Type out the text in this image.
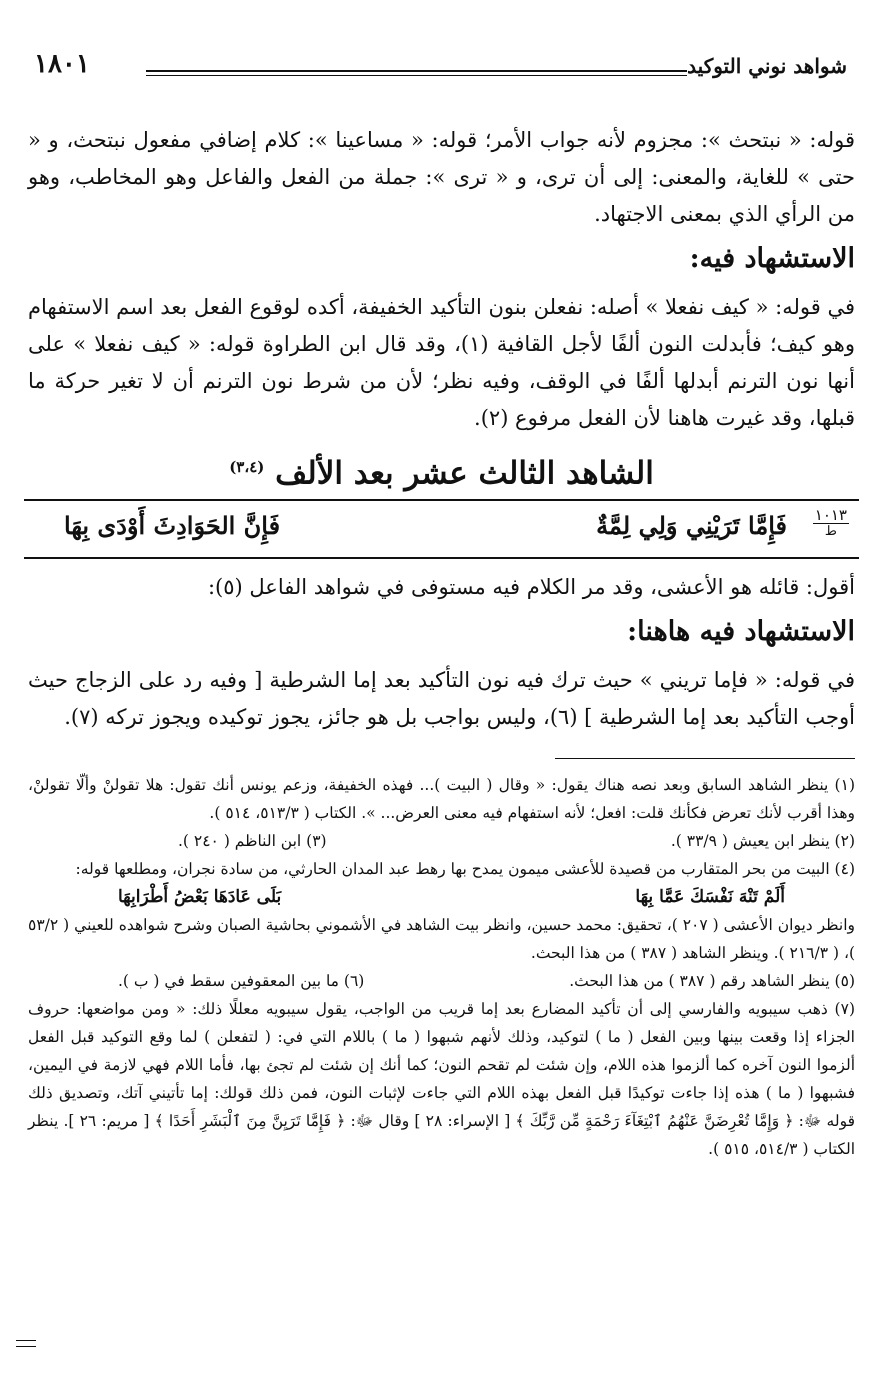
شواهد نوني التوكيد
١٨٠١

قوله: « نبتحث »: مجزوم لأنه جواب الأمر؛ قوله: « مساعينا »: كلام إضافي مفعول نبتحث، و « حتى » للغاية، والمعنى: إلى أن ترى، و « ترى »: جملة من الفعل والفاعل وهو المخاطب، وهو من الرأي الذي بمعنى الاجتهاد.

الاستشهاد فيه:

في قوله: « كيف نفعلا » أصله: نفعلن بنون التأكيد الخفيفة، أكده لوقوع الفعل بعد اسم الاستفهام وهو كيف؛ فأبدلت النون ألفًا لأجل القافية (١)، وقد قال ابن الطراوة قوله: « كيف نفعلا » على أنها نون الترنم أبدلها ألفًا في الوقف، وفيه نظر؛ لأن من شرط نون الترنم أن لا تغير حركة ما قبلها، وقد غيرت هاهنا لأن الفعل مرفوع (٢).

الشاهد الثالث عشر بعد الألف $^{(٣،٤)}$
١٠١٣
ط
فَإِمَّا تَرَيْنِي وَلِي لِمَّةٌ
فَإِنَّ الحَوَادِثَ أَوْدَى بِهَا

أقول: قائله هو الأعشى، وقد مر الكلام فيه مستوفى في شواهد الفاعل (٥):

الاستشهاد فيه هاهنا:

في قوله: « فإما تريني » حيث ترك فيه نون التأكيد بعد إما الشرطية [ وفيه رد على الزجاج حيث أوجب التأكيد بعد إما الشرطية ] (٦)، وليس بواجب بل هو جائز، يجوز توكيده ويجوز تركه (٧).

(١) ينظر الشاهد السابق وبعد نصه هناك يقول: « وقال ( البيت )... فهذه الخفيفة، وزعم يونس أنك تقول: هلا تقولنْ وألّا تقولنْ، وهذا أقرب لأنك تعرض فكأنك قلت: افعل؛ لأنه استفهام فيه معنى العرض... ». الكتاب ( ٥١٣/٣، ٥١٤ ).

(٢) ينظر ابن يعيش ( ٣٣/٩ ).
(٣) ابن الناظم ( ٢٤٠ ).

(٤) البيت من بحر المتقارب من قصيدة للأعشى ميمون يمدح بها رهط عبد المدان الحارثي، من سادة نجران، ومطلعها قوله:

أَلَمْ تَنْهَ نَفْسَكَ عَمَّا بِهَا
بَلَى عَادَهَا بَعْضُ أَطْرَابِهَا

وانظر ديوان الأعشى ( ٢٠٧ )، تحقيق: محمد حسين، وانظر بيت الشاهد في الأشموني بحاشية الصبان وشرح شواهده للعيني ( ٥٣/٢ )، ( ٢١٦/٣ ). وينظر الشاهد ( ٣٨٧ ) من هذا البحث.

(٥) ينظر الشاهد رقم ( ٣٨٧ ) من هذا البحث.
(٦) ما بين المعقوفين سقط في ( ب ).

(٧) ذهب سيبويه والفارسي إلى أن تأكيد المضارع بعد إما قريب من الواجب، يقول سيبويه معللًا ذلك: « ومن مواضعها: حروف الجزاء إذا وقعت بينها وبين الفعل ( ما ) لتوكيد، وذلك لأنهم شبهوا ( ما ) باللام التي في: ( لتفعلن ) لما وقع التوكيد قبل الفعل ألزموا النون آخره كما ألزموا هذه اللام، وإن شئت لم تقحم النون؛ كما أنك إن شئت لم تجئ بها، فأما اللام فهي لازمة في اليمين، فشبهوا ( ما ) هذه إذا جاءت توكيدًا قبل الفعل بهذه اللام التي جاءت لإثبات النون، فمن ذلك قولك: إما تأتيني آتك، وتصديق ذلك قوله ﷻ: ﴿ وَإِمَّا تُعْرِضَنَّ عَنْهُمُ ٱبْتِغَآءَ رَحْمَةٍ مِّن رَّبِّكَ ﴾ [ الإسراء: ٢٨ ] وقال ﷻ: ﴿ فَإِمَّا تَرَيِنَّ مِنَ ٱلْبَشَرِ أَحَدًا ﴾ [ مريم: ٢٦ ]. ينظر الكتاب ( ٥١٤/٣، ٥١٥ ).
